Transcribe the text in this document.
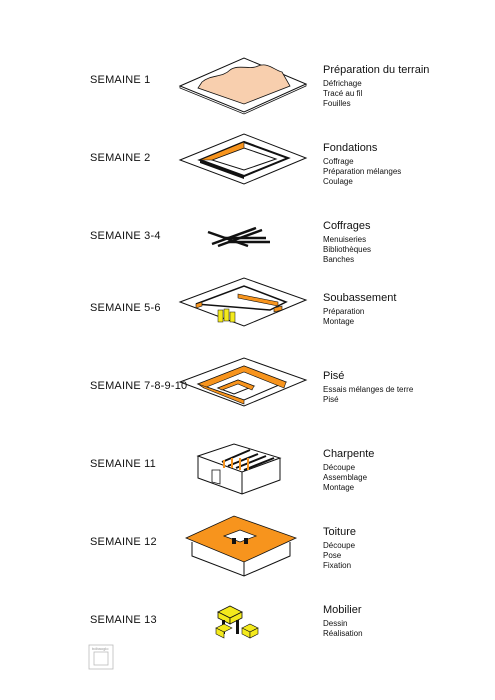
SEMAINE 1
Préparation du terrain
Défrichage
Tracé au fil
Fouilles
SEMAINE 2
Fondations
Coffrage
Préparation mélanges
Coulage
SEMAINE 3-4
Coffrages
Menuiseries
Bibliothèques
Banches
SEMAINE 5-6
Soubassement
Préparation
Montage
SEMAINE 7-8-9-10
Pisé
Essais mélanges de terre
Pisé
SEMAINE 11
Charpente
Découpe
Assemblage
Montage
SEMAINE 12
Toiture
Découpe
Pose
Fixation
SEMAINE 13
Mobilier
Dessin
Réalisation
bdbaoglo
